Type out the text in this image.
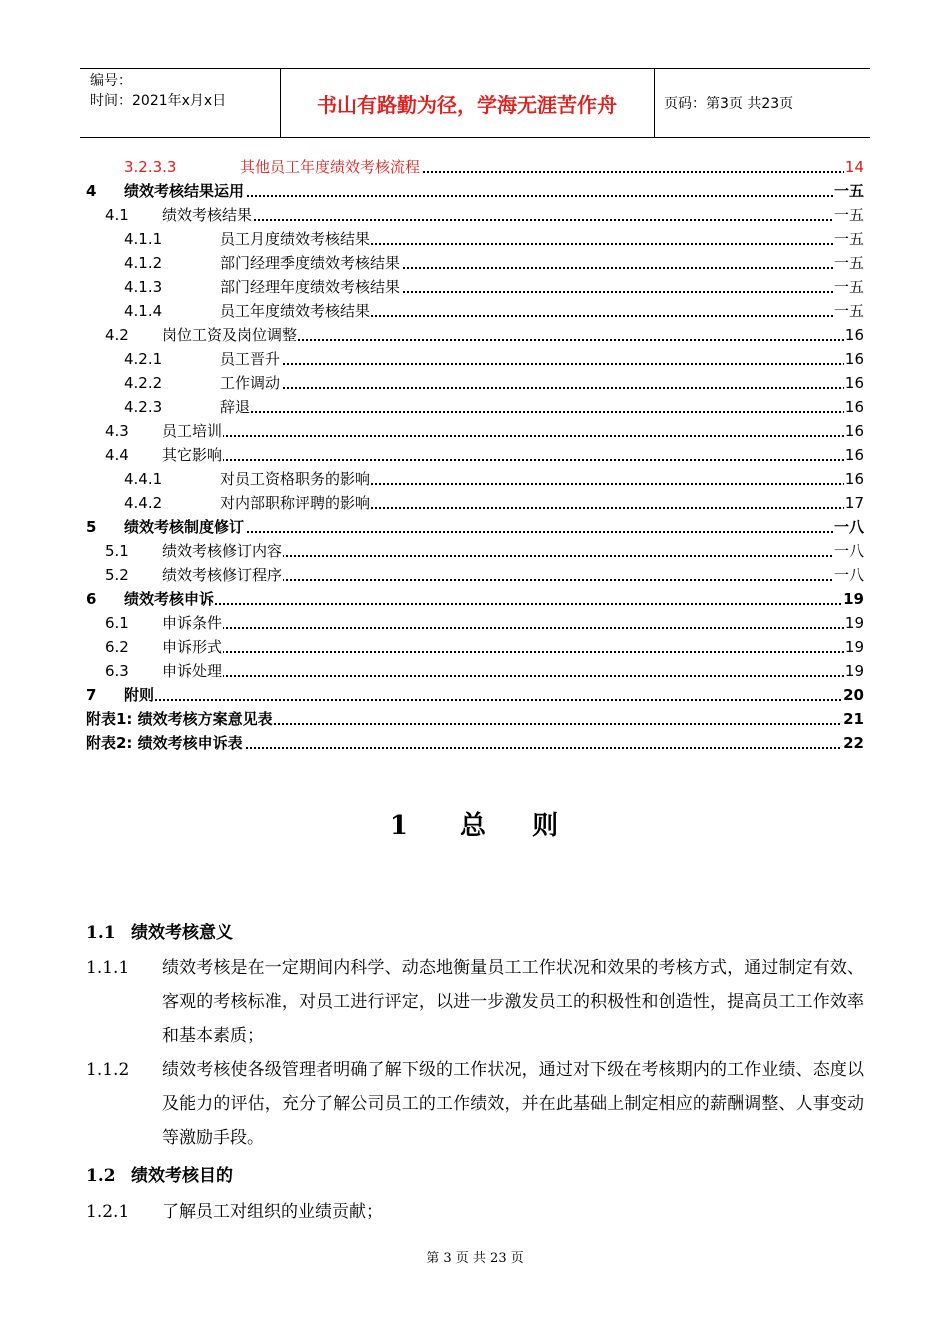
编号：
时间：2021年x月x日	书山有路勤为径，学海无涯苦作舟	页码：第3页 共23页
3.2.3.3	其他员工年度绩效考核流程	14
4 绩效考核结果运用	一五
4.1 绩效考核结果	一五
4.1.1	员工月度绩效考核结果	一五
4.1.2	部门经理季度绩效考核结果	一五
4.1.3	部门经理年度绩效考核结果	一五
4.1.4	员工年度绩效考核结果	一五
4.2 岗位工资及岗位调整	16
4.2.1	员工晋升	16
4.2.2	工作调动	16
4.2.3	辞退	16
4.3 员工培训	16
4.4 其它影响	16
4.4.1	对员工资格职务的影响	16
4.4.2	对内部职称评聘的影响	17
5 绩效考核制度修订	一八
5.1 绩效考核修订内容	一八
5.2 绩效考核修订程序	一八
6 绩效考核申诉	19
6.1 申诉条件	19
6.2 申诉形式	19
6.3 申诉处理	19
7 附则	20
附表1: 绩效考核方案意见表	21
附表2: 绩效考核申诉表	22
1 总    则
1.1 绩效考核意义
1.1.1 绩效考核是在一定期间内科学、动态地衡量员工工作状况和效果的考核方式，通过制定有效、客观的考核标准，对员工进行评定，以进一步激发员工的积极性和创造性，提高员工工作效率和基本素质；
1.1.2 绩效考核使各级管理者明确了解下级的工作状况，通过对下级在考核期内的工作业绩、态度以及能力的评估，充分了解公司员工的工作绩效，并在此基础上制定相应的薪酬调整、人事变动等激励手段。
1.2 绩效考核目的
1.2.1 了解员工对组织的业绩贡献；
第 3 页 共 23 页
